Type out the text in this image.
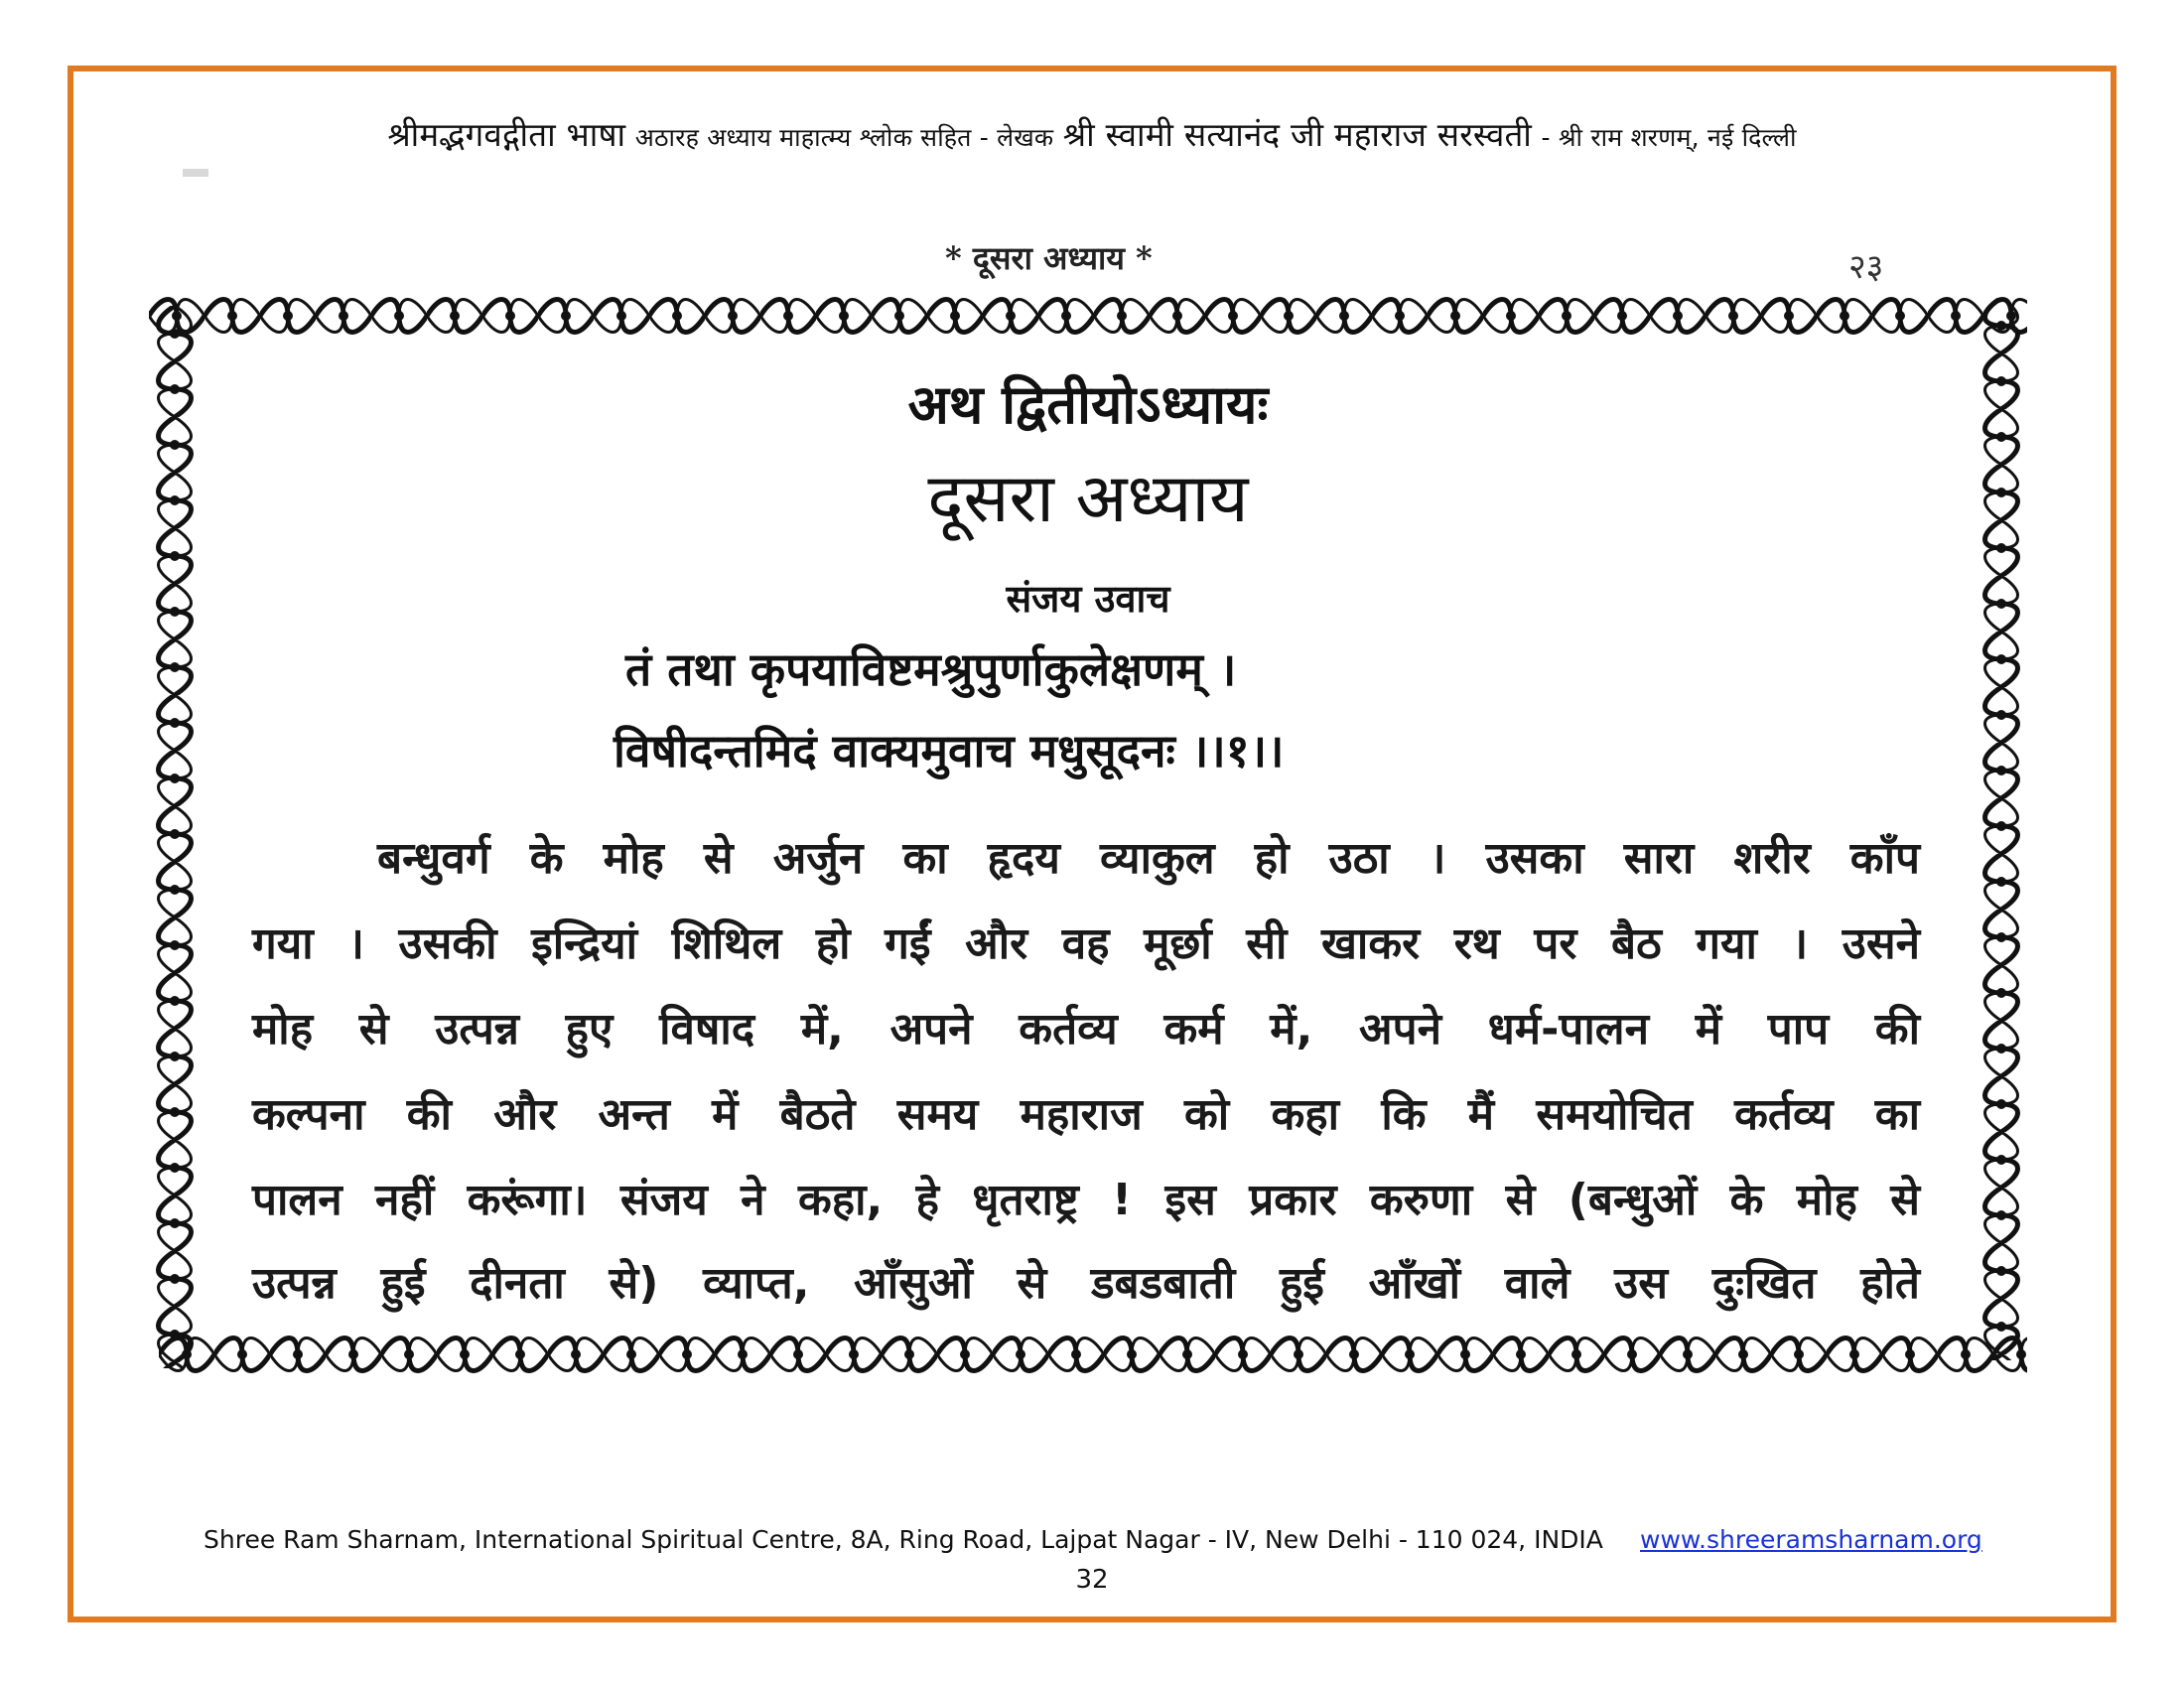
श्रीमद्भगवद्गीता भाषा अठारह अध्याय माहात्म्य श्लोक सहित - लेखक श्री स्वामी सत्यानंद जी महाराज सरस्वती - श्री राम शरणम्, नई दिल्ली
* दूसरा अध्याय *	२३
अथ द्वितीयोऽध्यायः
दूसरा अध्याय
संजय उवाच
तं तथा कृपयाविष्टमश्रुपुर्णाकुलेक्षणम् ।
विषीदन्तमिदं वाक्यमुवाच मधुसूदनः ।।१।।
बन्धुवर्ग के मोह से अर्जुन का हृदय व्याकुल हो उठा । उसका सारा शरीर काँप
गया । उसकी इन्द्रियां शिथिल हो गईं और वह मूर्छा सी खाकर रथ पर बैठ गया । उसने
मोह से उत्पन्न हुए विषाद में, अपने कर्तव्य कर्म में, अपने धर्म-पालन में पाप की
कल्पना की और अन्त में बैठते समय महाराज को कहा कि मैं समयोचित कर्तव्य का
पालन नहीं करूंगा। संजय ने कहा, हे धृतराष्ट्र ! इस प्रकार करुणा से (बन्धुओं के मोह से
उत्पन्न हुई दीनता से) व्याप्त, आँसुओं से डबडबाती हुई आँखों वाले उस दुःखित होते
Shree Ram Sharnam, International Spiritual Centre, 8A, Ring Road, Lajpat Nagar - IV, New Delhi - 110 024, INDIA www.shreeramsharnam.org
32
